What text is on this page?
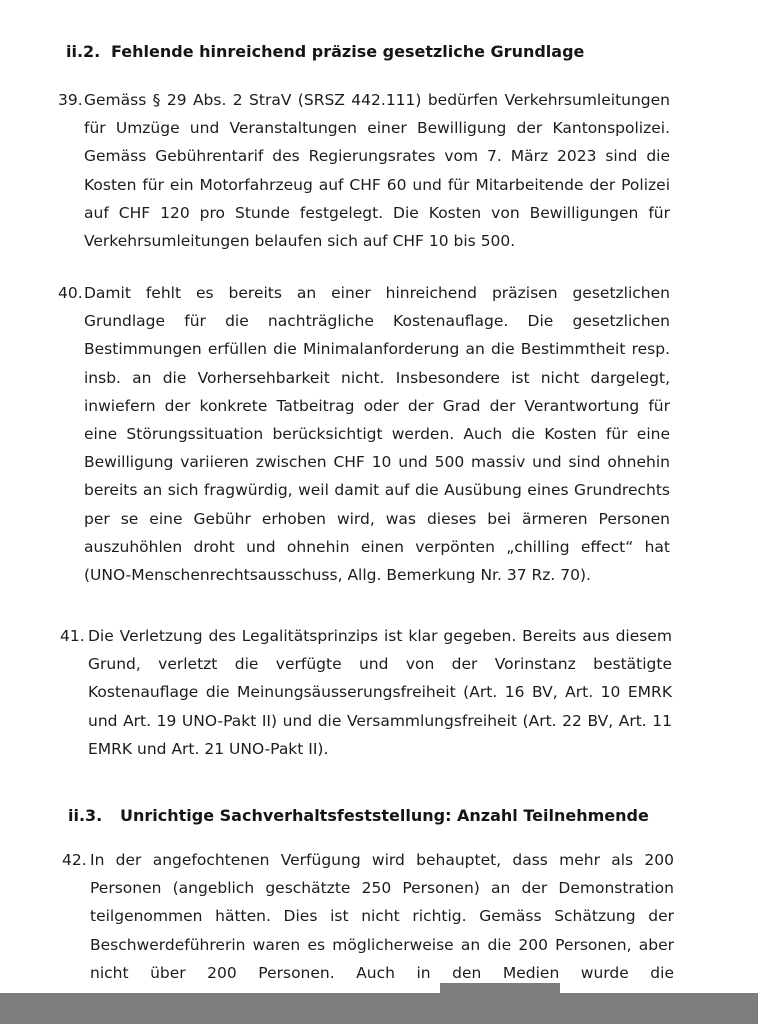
ii.2. Fehlende hinreichend präzise gesetzliche Grundlage
39. Gemäss § 29 Abs. 2 StraV (SRSZ 442.111) bedürfen Verkehrsumleitungen für Umzüge und Veranstaltungen einer Bewilligung der Kantonspolizei. Gemäss Gebührentarif des Regierungsrates vom 7. März 2023 sind die Kosten für ein Motorfahrzeug auf CHF 60 und für Mitarbeitende der Polizei auf CHF 120 pro Stunde festgelegt. Die Kosten von Bewilligungen für Verkehrsumleitungen belaufen sich auf CHF 10 bis 500.
40. Damit fehlt es bereits an einer hinreichend präzisen gesetzlichen Grundlage für die nachträgliche Kostenauflage. Die gesetzlichen Bestimmungen erfüllen die Minimalanforderung an die Bestimmtheit resp. insb. an die Vorhersehbarkeit nicht. Insbesondere ist nicht dargelegt, inwiefern der konkrete Tatbeitrag oder der Grad der Verantwortung für eine Störungssituation berücksichtigt werden. Auch die Kosten für eine Bewilligung variieren zwischen CHF 10 und 500 massiv und sind ohnehin bereits an sich fragwürdig, weil damit auf die Ausübung eines Grundrechts per se eine Gebühr erhoben wird, was dieses bei ärmeren Personen auszuhöhlen droht und ohnehin einen verpönten „chilling effect“ hat (UNO-Menschenrechtsausschuss, Allg. Bemerkung Nr. 37 Rz. 70).
41. Die Verletzung des Legalitätsprinzips ist klar gegeben. Bereits aus diesem Grund, verletzt die verfügte und von der Vorinstanz bestätigte Kostenauflage die Meinungsäusserungsfreiheit (Art. 16 BV, Art. 10 EMRK und Art. 19 UNO-Pakt II) und die Versammlungsfreiheit (Art. 22 BV, Art. 11 EMRK und Art. 21 UNO-Pakt II).
ii.3. Unrichtige Sachverhaltsfeststellung: Anzahl Teilnehmende
42. In der angefochtenen Verfügung wird behauptet, dass mehr als 200 Personen (angeblich geschätzte 250 Personen) an der Demonstration teilgenommen hätten. Dies ist nicht richtig. Gemäss Schätzung der Beschwerdeführerin waren es möglicherweise an die 200 Personen, aber nicht über 200 Personen. Auch in den Medien wurde die
